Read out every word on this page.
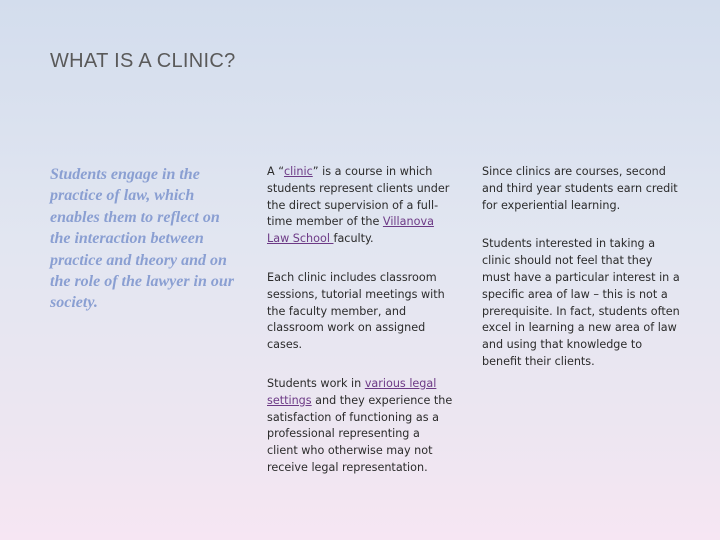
WHAT IS A CLINIC?
Students engage in the practice of law, which enables them to reflect on the interaction between practice and theory and on the role of the lawyer in our society.

A “clinic” is a course in which students represent clients under the direct supervision of a full-time member of the Villanova Law School faculty.

Each clinic includes classroom sessions, tutorial meetings with the faculty member, and classroom work on assigned cases.

Students work in various legal settings and they experience the satisfaction of functioning as a professional representing a client who otherwise may not receive legal representation.

Since clinics are courses, second and third year students earn credit for experiential learning.

Students interested in taking a clinic should not feel that they must have a particular interest in a specific area of law – this is not a prerequisite. In fact, students often excel in learning a new area of law and using that knowledge to benefit their clients.
